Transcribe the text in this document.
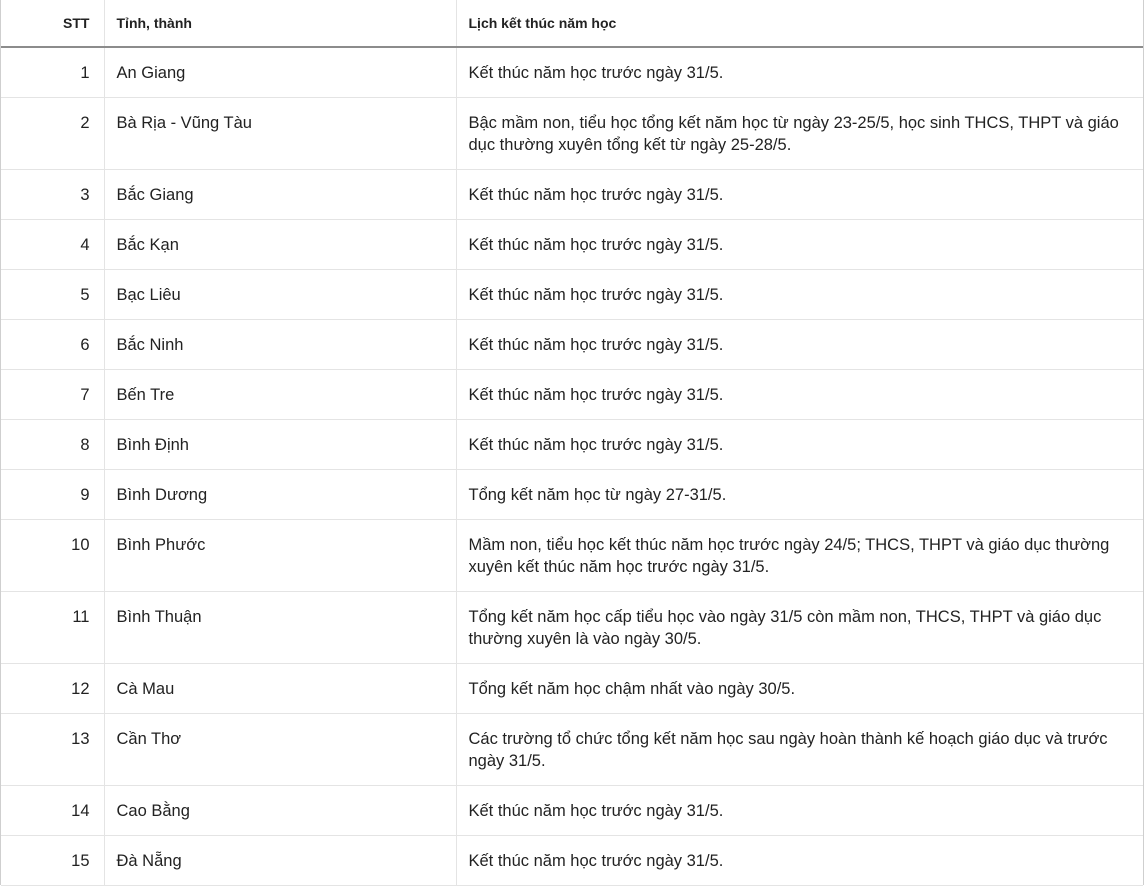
STT	Tỉnh, thành	Lịch kết thúc năm học
1	An Giang	Kết thúc năm học trước ngày 31/5.
2	Bà Rịa - Vũng Tàu	Bậc mầm non, tiểu học tổng kết năm học từ ngày 23-25/5, học sinh THCS, THPT và giáo dục thường xuyên tổng kết từ ngày 25-28/5.
3	Bắc Giang	Kết thúc năm học trước ngày 31/5.
4	Bắc Kạn	Kết thúc năm học trước ngày 31/5.
5	Bạc Liêu	Kết thúc năm học trước ngày 31/5.
6	Bắc Ninh	Kết thúc năm học trước ngày 31/5.
7	Bến Tre	Kết thúc năm học trước ngày 31/5.
8	Bình Định	Kết thúc năm học trước ngày 31/5.
9	Bình Dương	Tổng kết năm học từ ngày 27-31/5.
10	Bình Phước	Mầm non, tiểu học kết thúc năm học trước ngày 24/5; THCS, THPT và giáo dục thường xuyên kết thúc năm học trước ngày 31/5.
11	Bình Thuận	Tổng kết năm học cấp tiểu học vào ngày 31/5 còn mầm non, THCS, THPT và giáo dục thường xuyên là vào ngày 30/5.
12	Cà Mau	Tổng kết năm học chậm nhất vào ngày 30/5.
13	Cần Thơ	Các trường tổ chức tổng kết năm học sau ngày hoàn thành kế hoạch giáo dục và trước ngày 31/5.
14	Cao Bằng	Kết thúc năm học trước ngày 31/5.
15	Đà Nẵng	Kết thúc năm học trước ngày 31/5.
